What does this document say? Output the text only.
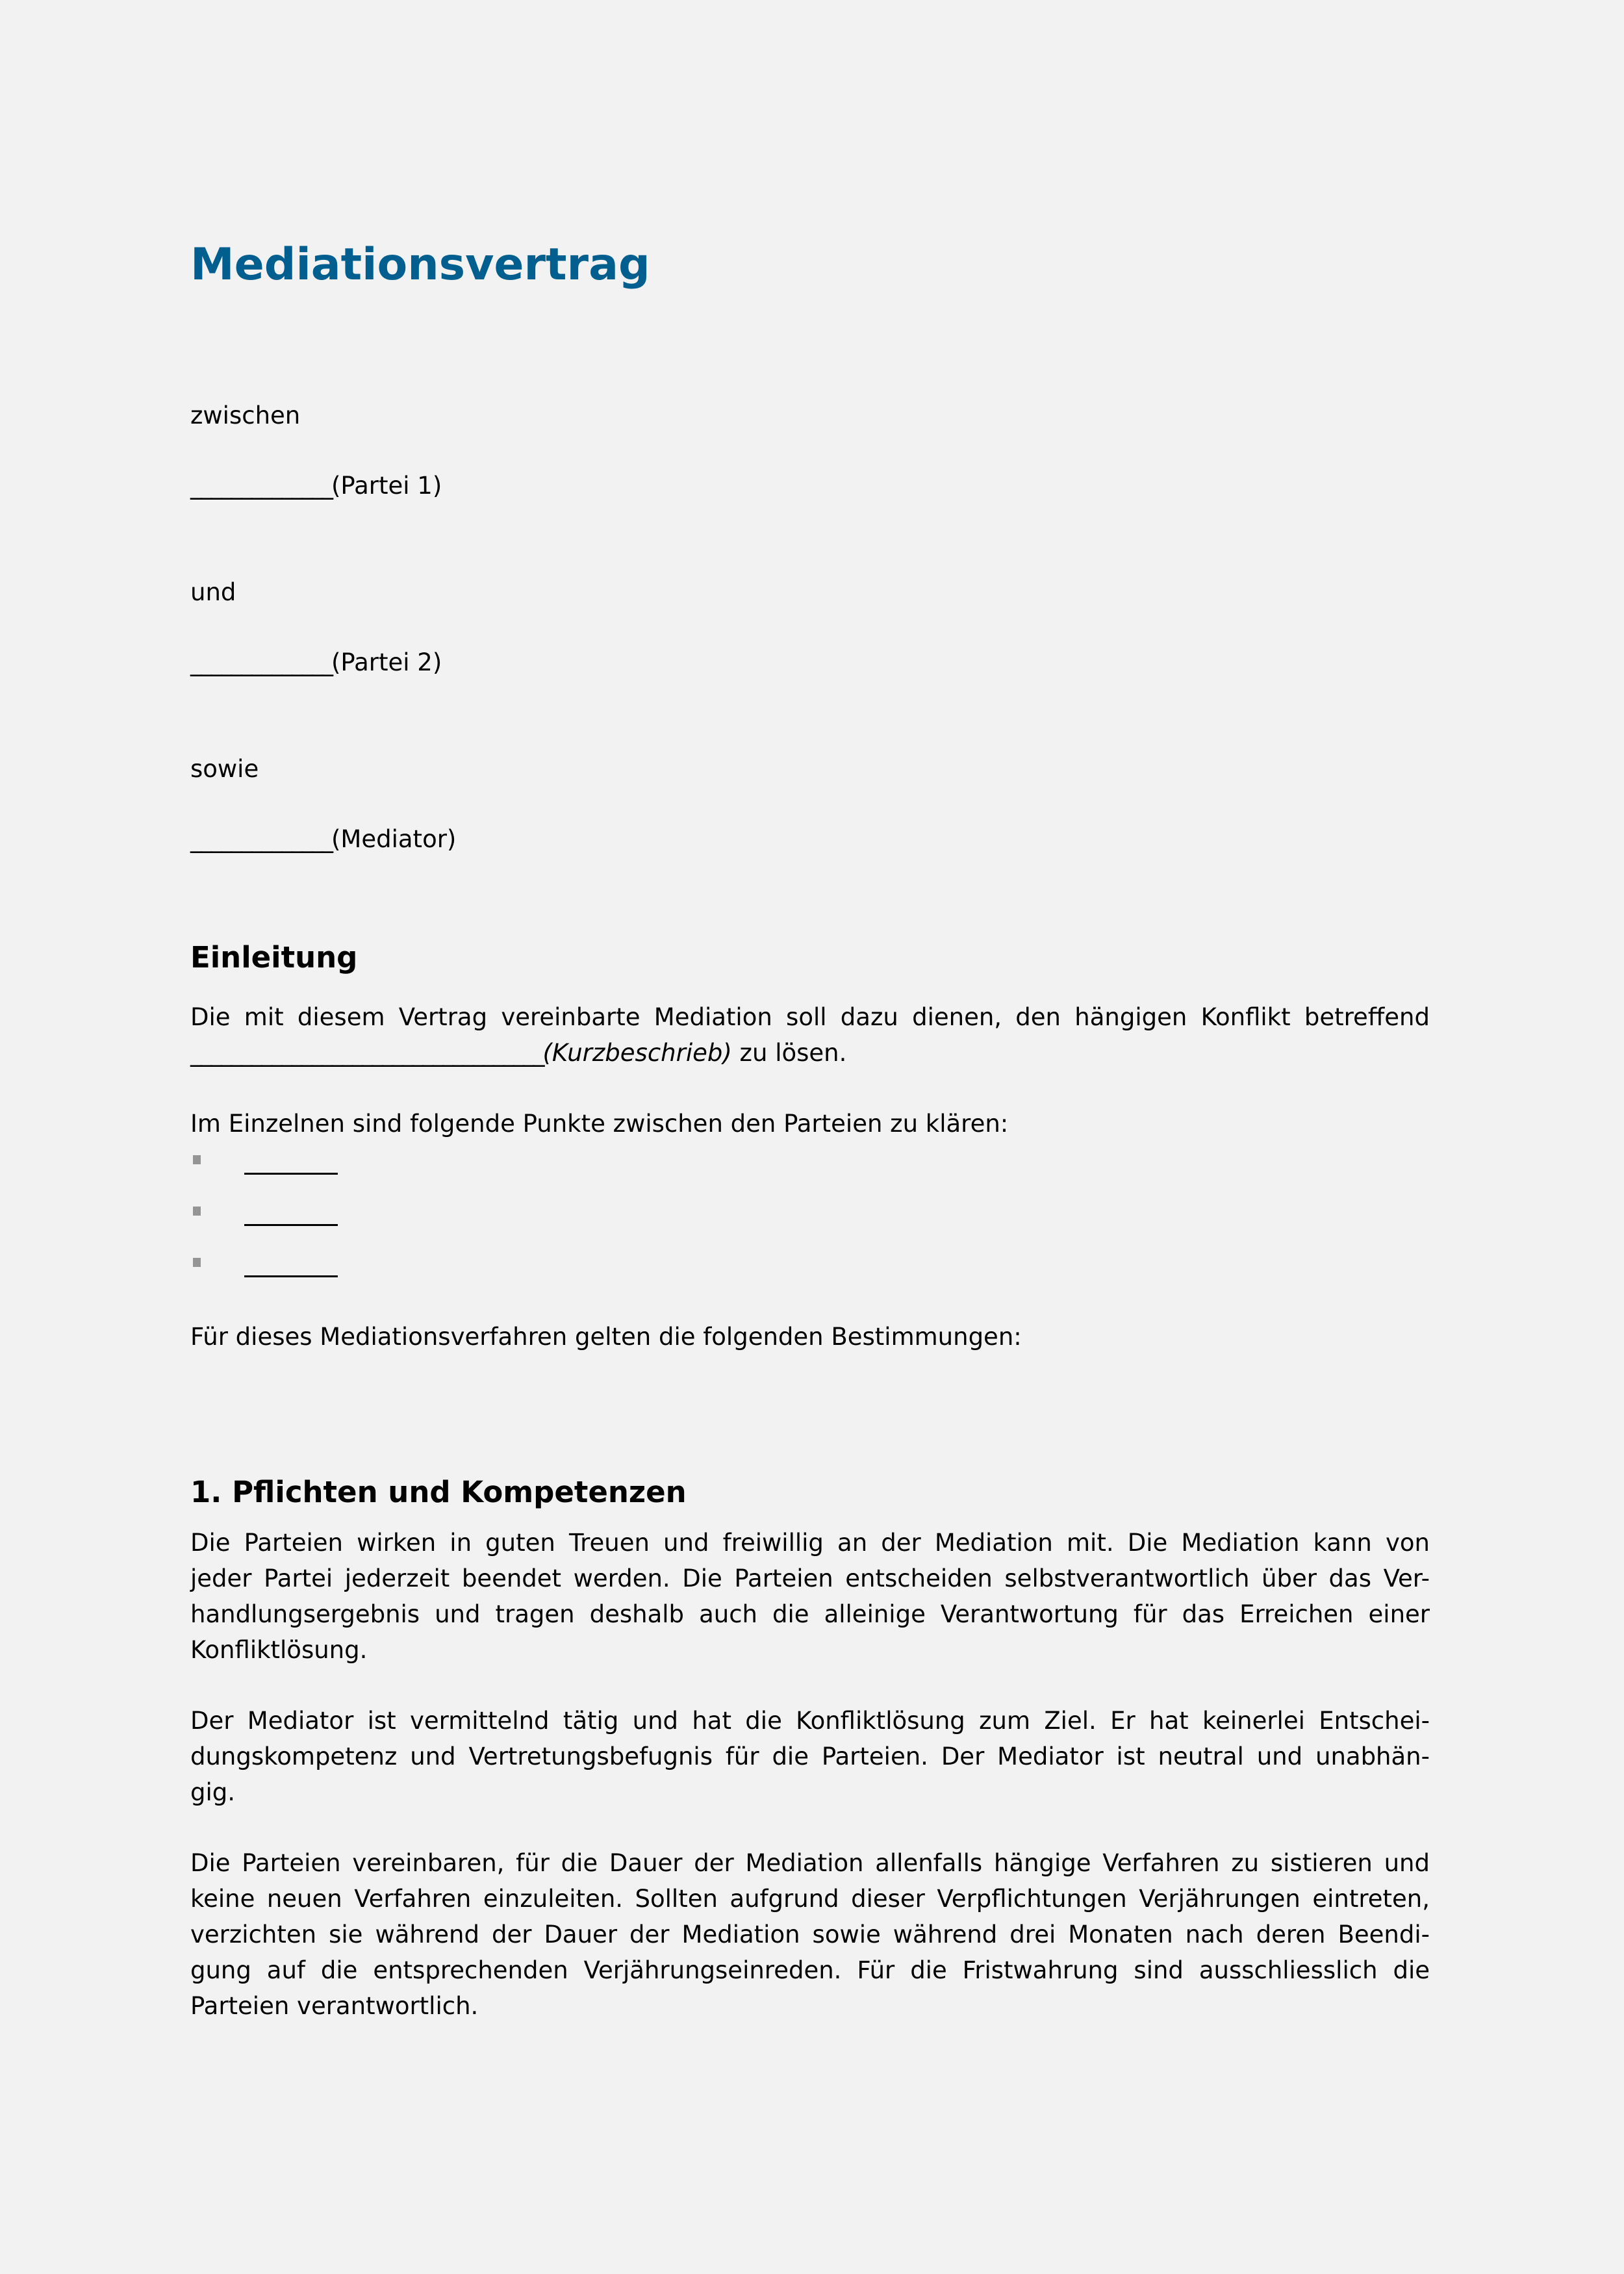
Mediationsvertrag
zwischen
______________(Partei 1)
und
______________(Partei 2)
sowie
______________(Mediator)
Einleitung
Die mit diesem Vertrag vereinbarte Mediation soll dazu dienen, den hängigen Konflikt betreffend
___________________________________(Kurzbeschrieb) zu lösen.
Im Einzelnen sind folgende Punkte zwischen den Parteien zu klären:
Für dieses Mediationsverfahren gelten die folgenden Bestimmungen:
1. Pflichten und Kompetenzen
Die Parteien wirken in guten Treuen und freiwillig an der Mediation mit. Die Mediation kann von
jeder Partei jederzeit beendet werden. Die Parteien entscheiden selbstverantwortlich über das Ver-
handlungsergebnis und tragen deshalb auch die alleinige Verantwortung für das Erreichen einer
Konfliktlösung.
Der Mediator ist vermittelnd tätig und hat die Konfliktlösung zum Ziel. Er hat keinerlei Entschei-
dungskompetenz und Vertretungsbefugnis für die Parteien. Der Mediator ist neutral und unabhän-
gig.
Die Parteien vereinbaren, für die Dauer der Mediation allenfalls hängige Verfahren zu sistieren und
keine neuen Verfahren einzuleiten. Sollten aufgrund dieser Verpflichtungen Verjährungen eintreten,
verzichten sie während der Dauer der Mediation sowie während drei Monaten nach deren Beendi-
gung auf die entsprechenden Verjährungseinreden. Für die Fristwahrung sind ausschliesslich die
Parteien verantwortlich.
